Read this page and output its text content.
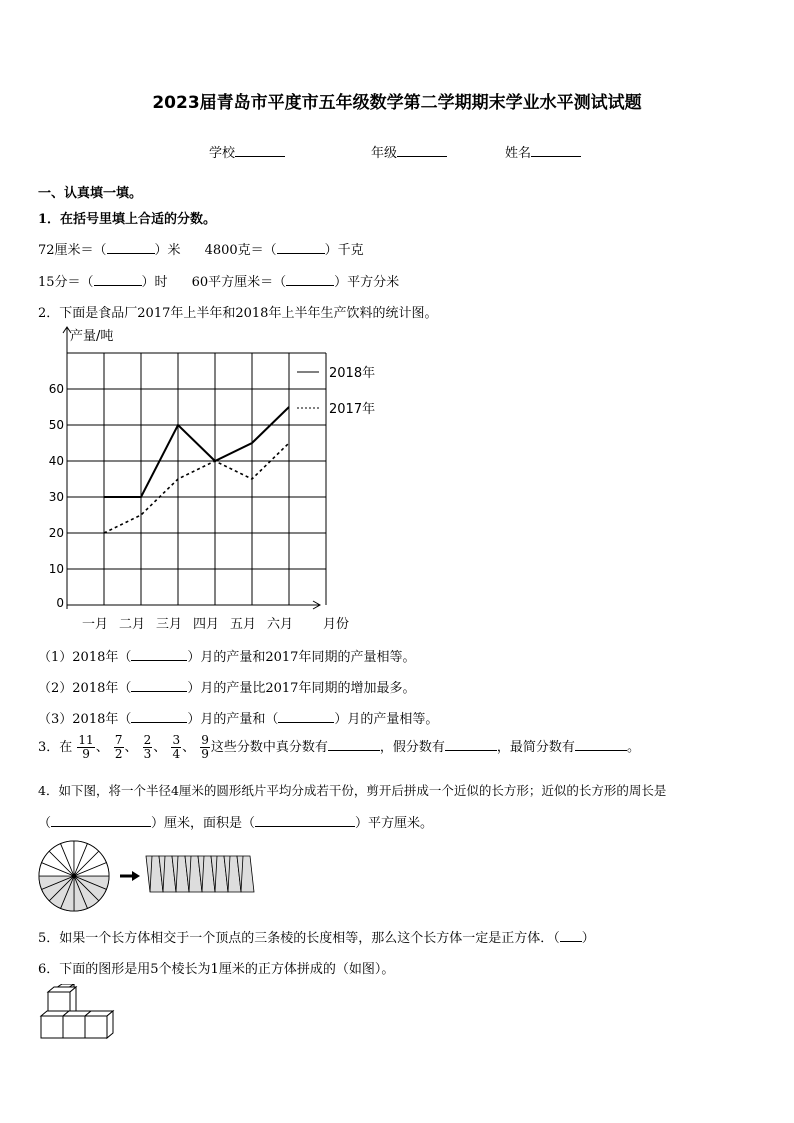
2023届青岛市平度市五年级数学第二学期期末学业水平测试试题
学校	年级	姓名
一、认真填一填。
1．在括号里填上合适的分数。
72厘米＝（	）米 4800克＝（	）千克
15分＝（	）时 60平方厘米＝（	）平方分米
2．下面是食品厂2017年上半年和2018年上半年生产饮料的统计图。
产量/吨
月份
0
10
20
30
40
50
60
一月 二月 三月 四月 五月 六月
2018年
2017年
（1）2018年（	）月的产量和2017年同期的产量相等。
（2）2018年（	）月的产量比2017年同期的增加最多。
（3）2018年（	）月的产量和（	）月的产量相等。
3．在 $\frac{11}{9}$ 、 $\frac{7}{2}$ 、 $\frac{2}{3}$ 、 $\frac{3}{4}$ 、 $\frac{9}{9}$ 这些分数中真分数有	，假分数有	，最简分数有	。
4．如下图，将一个半径4厘米的圆形纸片平均分成若干份，剪开后拼成一个近似的长方形；近似的长方形的周长是
（	）厘米，面积是（	）平方厘米。
5．如果一个长方体相交于一个顶点的三条棱的长度相等，那么这个长方体一定是正方体．（ ）
6．下面的图形是用5个棱长为1厘米的正方体拼成的（如图）。
